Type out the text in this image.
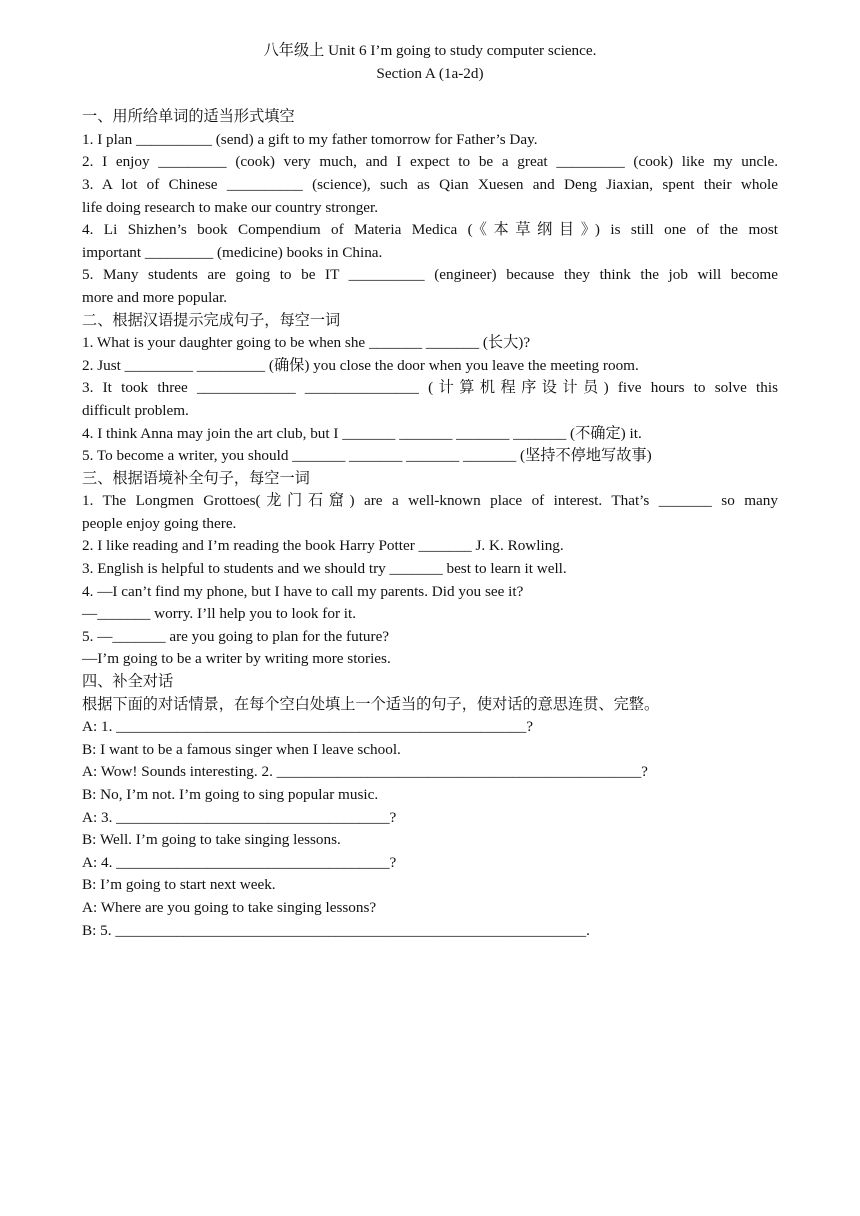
八年级上 Unit 6 I’m going to study computer science.
Section A (1a-2d)
一、用所给单词的适当形式填空
1. I plan __________ (send) a gift to my father tomorrow for Father’s Day.
2. I enjoy _________ (cook) very much, and I expect to be a great _________ (cook) like my uncle.
3. A lot of Chinese __________ (science), such as Qian Xuesen and Deng Jiaxian, spent their whole
life doing research to make our country stronger.
4. Li Shizhen’s book Compendium of Materia Medica (《本草纲目》) is still one of the most
important _________ (medicine) books in China.
5. Many students are going to be IT __________ (engineer) because they think the job will become
more and more popular.
二、根据汉语提示完成句子，每空一词
1. What is your daughter going to be when she _______ _______ (长大)?
2. Just _________ _________ (确保) you close the door when you leave the meeting room.
3. It took three _____________ _______________ (计算机程序设计员) five hours to solve this
difficult problem.
4. I think Anna may join the art club, but I _______ _______ _______ _______ (不确定) it.
5. To become a writer, you should _______ _______ _______ _______ (坚持不停地写故事)
三、根据语境补全句子，每空一词
1. The Longmen Grottoes(龙门石窟) are a well-known place of interest. That’s _______ so many
people enjoy going there.
2. I like reading and I’m reading the book Harry Potter _______ J. K. Rowling.
3. English is helpful to students and we should try _______ best to learn it well.
4. —I can’t find my phone, but I have to call my parents. Did you see it?
—_______ worry. I’ll help you to look for it.
5. —_______ are you going to plan for the future?
—I’m going to be a writer by writing more stories.
四、补全对话
根据下面的对话情景，在每个空白处填上一个适当的句子，使对话的意思连贯、完整。
A: 1. ______________________________________________________?
B: I want to be a famous singer when I leave school.
A: Wow! Sounds interesting. 2. ________________________________________________?
B: No, I’m not. I’m going to sing popular music.
A: 3. ____________________________________?
B: Well. I’m going to take singing lessons.
A: 4. ____________________________________?
B: I’m going to start next week.
A: Where are you going to take singing lessons?
B: 5. ______________________________________________________________.
